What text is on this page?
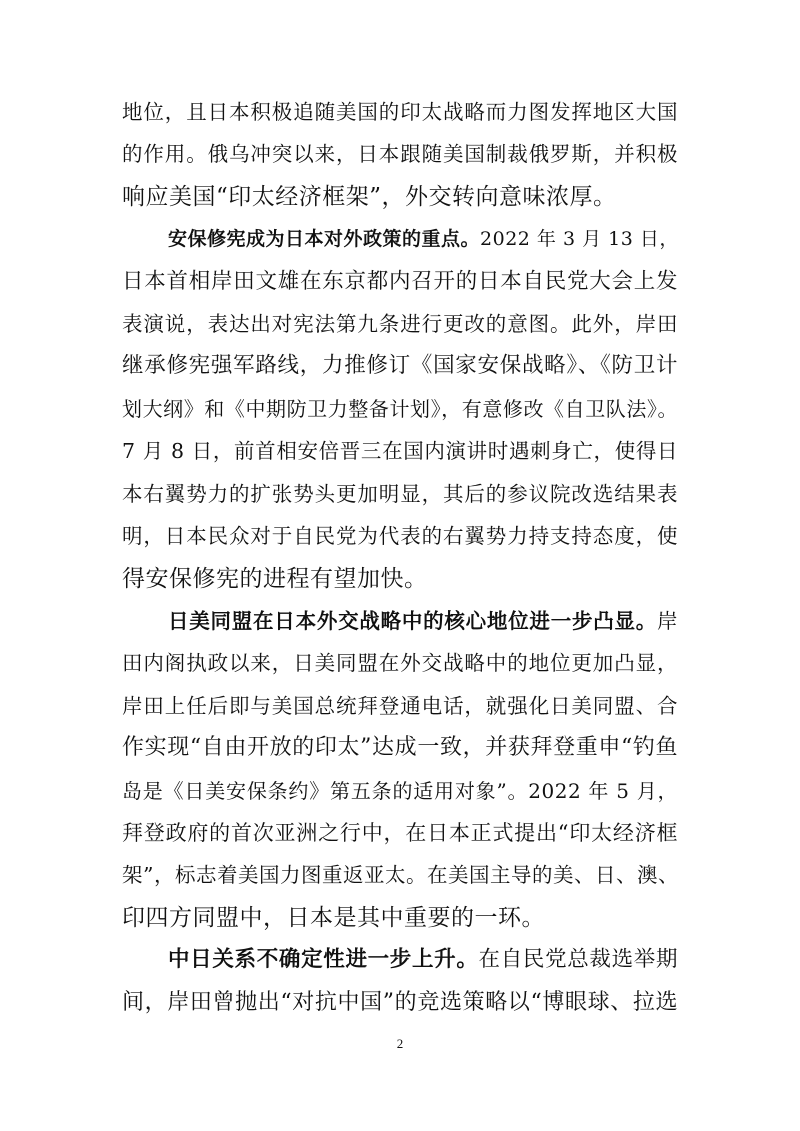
地位，且日本积极追随美国的印太战略而力图发挥地区大国
的作用。俄乌冲突以来，日本跟随美国制裁俄罗斯，并积极
响应美国“印太经济框架”，外交转向意味浓厚。
安保修宪成为日本对外政策的重点。2022 年 3 月 13 日，
日本首相岸田文雄在东京都内召开的日本自民党大会上发
表演说，表达出对宪法第九条进行更改的意图。此外，岸田
继承修宪强军路线，力推修订《国家安保战略》、《防卫计
划大纲》和《中期防卫力整备计划》，有意修改《自卫队法》。
7 月 8 日，前首相安倍晋三在国内演讲时遇刺身亡，使得日
本右翼势力的扩张势头更加明显，其后的参议院改选结果表
明，日本民众对于自民党为代表的右翼势力持支持态度，使
得安保修宪的进程有望加快。
日美同盟在日本外交战略中的核心地位进一步凸显。岸
田内阁执政以来，日美同盟在外交战略中的地位更加凸显，
岸田上任后即与美国总统拜登通电话，就强化日美同盟、合
作实现“自由开放的印太”达成一致，并获拜登重申“钓鱼
岛是《日美安保条约》第五条的适用对象”。2022 年 5 月，
拜登政府的首次亚洲之行中，在日本正式提出“印太经济框
架”，标志着美国力图重返亚太。在美国主导的美、日、澳、
印四方同盟中，日本是其中重要的一环。
中日关系不确定性进一步上升。在自民党总裁选举期
间，岸田曾抛出“对抗中国”的竞选策略以“博眼球、拉选
2
